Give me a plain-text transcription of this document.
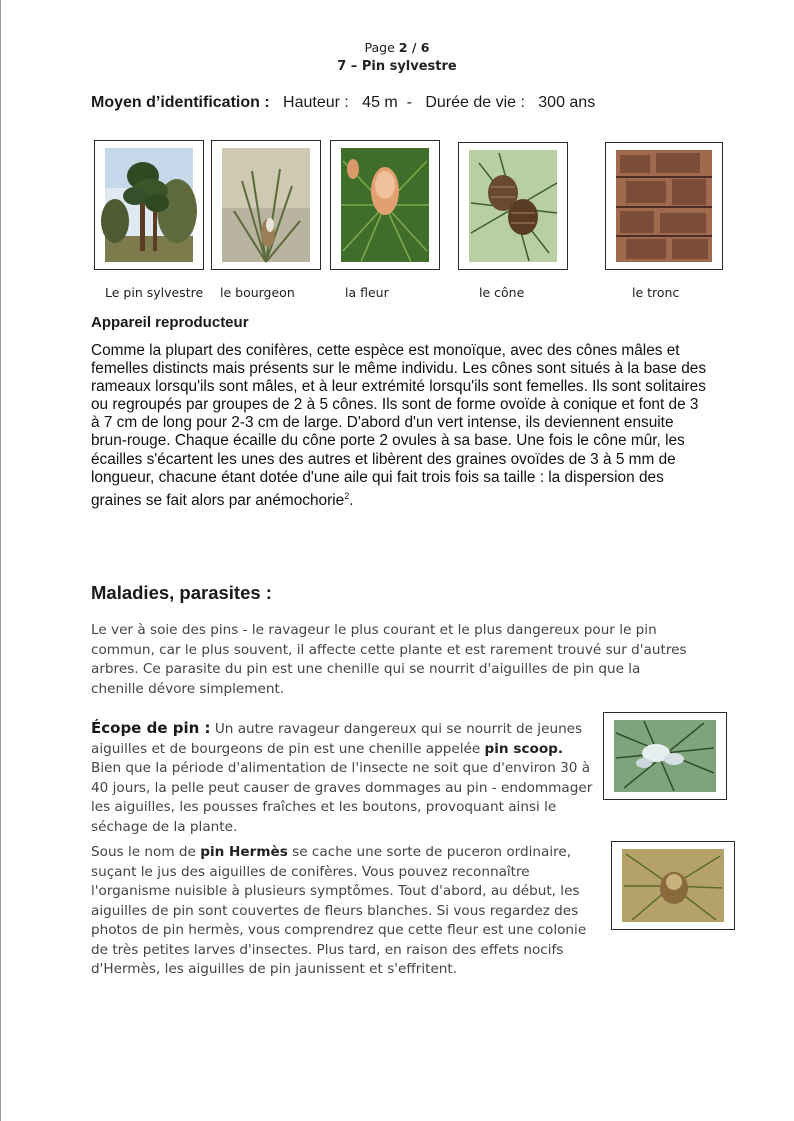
Page 2 / 6
7 – Pin sylvestre
Moyen d’identification : Hauteur : 45 m - Durée de vie : 300 ans
Le pin sylvestre le bourgeon	la fleur	le cône	le tronc
Appareil reproducteur

Comme la plupart des conifères, cette espèce est monoïque, avec des cônes mâles et femelles distincts mais présents sur le même individu. Les cônes sont situés à la base des rameaux lorsqu'ils sont mâles, et à leur extrémité lorsqu'ils sont femelles. Ils sont solitaires ou regroupés par groupes de 2 à 5 cônes. Ils sont de forme ovoïde à conique et font de 3 à 7 cm de long pour 2-3 cm de large. D'abord d'un vert intense, ils deviennent ensuite brun-rouge. Chaque écaille du cône porte 2 ovules à sa base. Une fois le cône mûr, les écailles s'écartent les unes des autres et libèrent des graines ovoïdes de 3 à 5 mm de longueur, chacune étant dotée d'une aile qui fait trois fois sa taille : la dispersion des graines se fait alors par anémochorie$^2$.

Maladies, parasites :

Le ver à soie des pins - le ravageur le plus courant et le plus dangereux pour le pin commun, car le plus souvent, il affecte cette plante et est rarement trouvé sur d'autres arbres. Ce parasite du pin est une chenille qui se nourrit d'aiguilles de pin que la chenille dévore simplement.

Écope de pin : Un autre ravageur dangereux qui se nourrit de jeunes aiguilles et de bourgeons de pin est une chenille appelée pin scoop. Bien que la période d'alimentation de l'insecte ne soit que d'environ 30 à 40 jours, la pelle peut causer de graves dommages au pin - endommager les aiguilles, les pousses fraîches et les boutons, provoquant ainsi le séchage de la plante.

Sous le nom de pin Hermès se cache une sorte de puceron ordinaire, suçant le jus des aiguilles de conifères. Vous pouvez reconnaître l'organisme nuisible à plusieurs symptômes. Tout d'abord, au début, les aiguilles de pin sont couvertes de fleurs blanches. Si vous regardez des photos de pin hermès, vous comprendrez que cette fleur est une colonie de très petites larves d'insectes. Plus tard, en raison des effets nocifs d'Hermès, les aiguilles de pin jaunissent et s'effritent.
